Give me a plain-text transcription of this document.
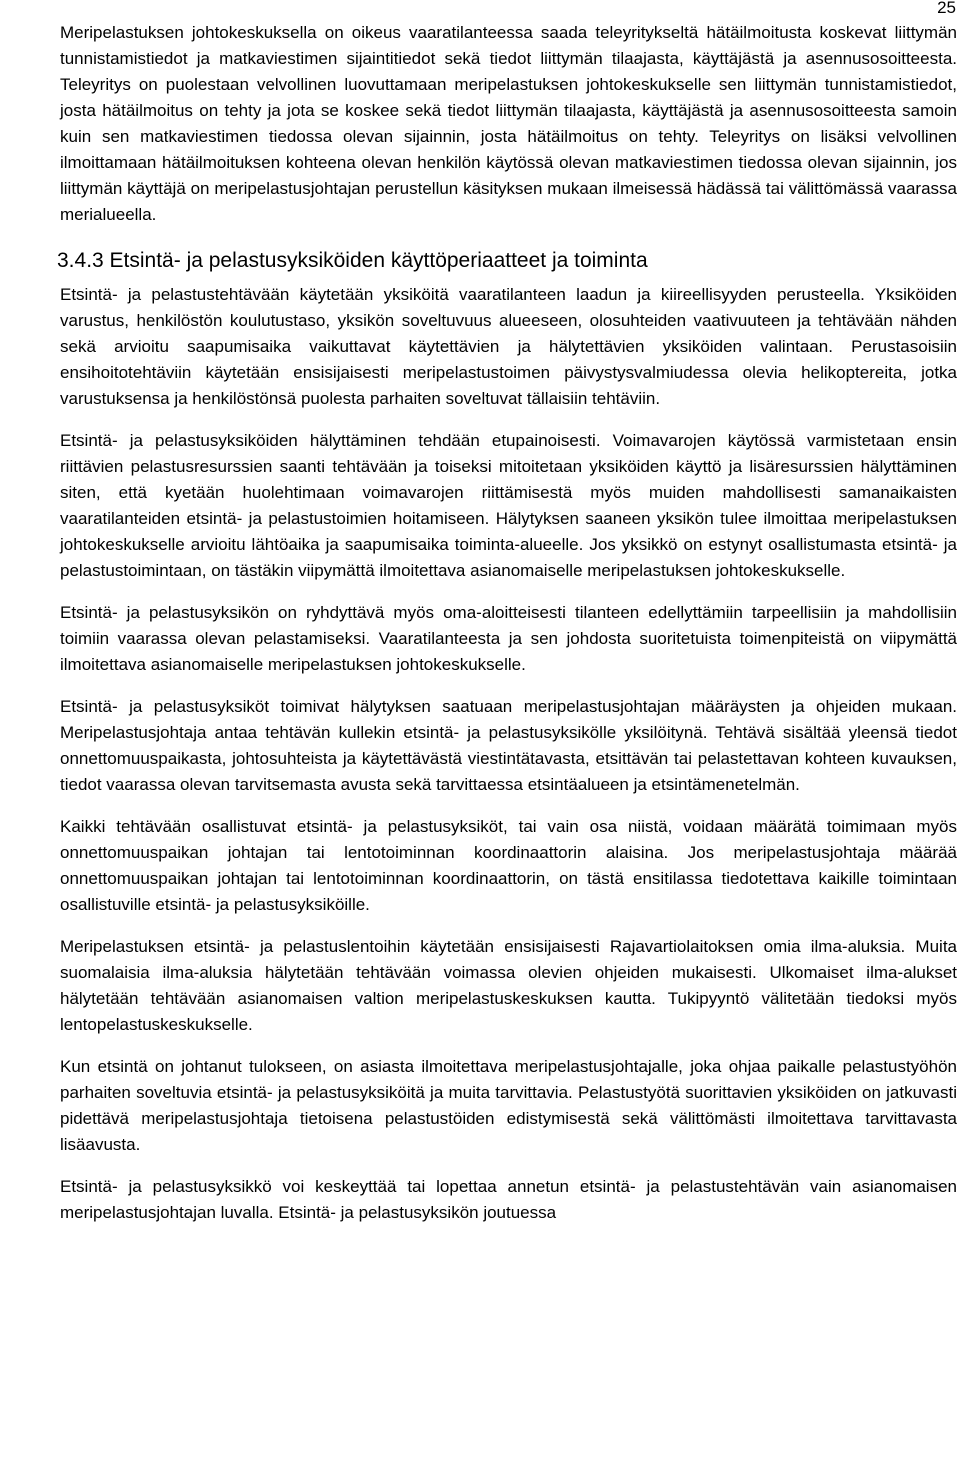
25

Meripelastuksen johtokeskuksella on oikeus vaaratilanteessa saada teleyritykseltä hätäilmoitusta koskevat liittymän tunnistamistiedot ja matkaviestimen sijaintitiedot sekä tiedot liittymän tilaajasta, käyttäjästä ja asennusosoitteesta. Teleyritys on puolestaan velvollinen luovuttamaan meripelastuksen johtokeskukselle sen liittymän tunnistamistiedot, josta hätäilmoitus on tehty ja jota se koskee sekä tiedot liittymän tilaajasta, käyttäjästä ja asennusosoitteesta samoin kuin sen matkaviestimen tiedossa olevan sijainnin, josta hätäilmoitus on tehty. Teleyritys on lisäksi velvollinen ilmoittamaan hätäilmoituksen kohteena olevan henkilön käytössä olevan matkaviestimen tiedossa olevan sijainnin, jos liittymän käyttäjä on meripelastusjohtajan perustellun käsityksen mukaan ilmeisessä hädässä tai välittömässä vaarassa merialueella.

3.4.3 Etsintä- ja pelastusyksiköiden käyttöperiaatteet ja toiminta

Etsintä- ja pelastustehtävään käytetään yksiköitä vaaratilanteen laadun ja kiireellisyyden perusteella. Yksiköiden varustus, henkilöstön koulutustaso, yksikön soveltuvuus alueeseen, olosuhteiden vaativuuteen ja tehtävään nähden sekä arvioitu saapumisaika vaikuttavat käytettävien ja hälytettävien yksiköiden valintaan. Perustasoisiin ensihoitotehtäviin käytetään ensisijaisesti meripelastustoimen päivystysvalmiudessa olevia helikoptereita, jotka varustuksensa ja henkilöstönsä puolesta parhaiten soveltuvat tällaisiin tehtäviin.

Etsintä- ja pelastusyksiköiden hälyttäminen tehdään etupainoisesti. Voimavarojen käytössä varmistetaan ensin riittävien pelastusresurssien saanti tehtävään ja toiseksi mitoitetaan yksiköiden käyttö ja lisäresurssien hälyttäminen siten, että kyetään huolehtimaan voimavarojen riittämisestä myös muiden mahdollisesti samanaikaisten vaaratilanteiden etsintä- ja pelastustoimien hoitamiseen. Hälytyksen saaneen yksikön tulee ilmoittaa meripelastuksen johtokeskukselle arvioitu lähtöaika ja saapumisaika toiminta-alueelle. Jos yksikkö on estynyt osallistumasta etsintä- ja pelastustoimintaan, on tästäkin viipymättä ilmoitettava asianomaiselle meripelastuksen johtokeskukselle.

Etsintä- ja pelastusyksikön on ryhdyttävä myös oma-aloitteisesti tilanteen edellyttämiin tarpeellisiin ja mahdollisiin toimiin vaarassa olevan pelastamiseksi. Vaaratilanteesta ja sen johdosta suoritetuista toimenpiteistä on viipymättä ilmoitettava asianomaiselle meripelastuksen johtokeskukselle.

Etsintä- ja pelastusyksiköt toimivat hälytyksen saatuaan meripelastusjohtajan määräysten ja ohjeiden mukaan. Meripelastusjohtaja antaa tehtävän kullekin etsintä- ja pelastusyksikölle yksilöitynä. Tehtävä sisältää yleensä tiedot onnettomuuspaikasta, johtosuhteista ja käytettävästä viestintätavasta, etsittävän tai pelastettavan kohteen kuvauksen, tiedot vaarassa olevan tarvitsemasta avusta sekä tarvittaessa etsintäalueen ja etsintämenetelmän.

Kaikki tehtävään osallistuvat etsintä- ja pelastusyksiköt, tai vain osa niistä, voidaan määrätä toimimaan myös onnettomuuspaikan johtajan tai lentotoiminnan koordinaattorin alaisina. Jos meripelastusjohtaja määrää onnettomuuspaikan johtajan tai lentotoiminnan koordinaattorin, on tästä ensitilassa tiedotettava kaikille toimintaan osallistuville etsintä- ja pelastusyksiköille.

Meripelastuksen etsintä- ja pelastuslentoihin käytetään ensisijaisesti Rajavartiolaitoksen omia ilma-aluksia. Muita suomalaisia ilma-aluksia hälytetään tehtävään voimassa olevien ohjeiden mukaisesti. Ulkomaiset ilma-alukset hälytetään tehtävään asianomaisen valtion meripelastuskeskuksen kautta. Tukipyyntö välitetään tiedoksi myös lentopelastuskeskukselle.

Kun etsintä on johtanut tulokseen, on asiasta ilmoitettava meripelastusjohtajalle, joka ohjaa paikalle pelastustyöhön parhaiten soveltuvia etsintä- ja pelastusyksiköitä ja muita tarvittavia. Pelastustyötä suorittavien yksiköiden on jatkuvasti pidettävä meripelastusjohtaja tietoisena pelastustöiden edistymisestä sekä välittömästi ilmoitettava tarvittavasta lisäavusta.

Etsintä- ja pelastusyksikkö voi keskeyttää tai lopettaa annetun etsintä- ja pelastustehtävän vain asianomaisen meripelastusjohtajan luvalla. Etsintä- ja pelastusyksikön joutuessa
